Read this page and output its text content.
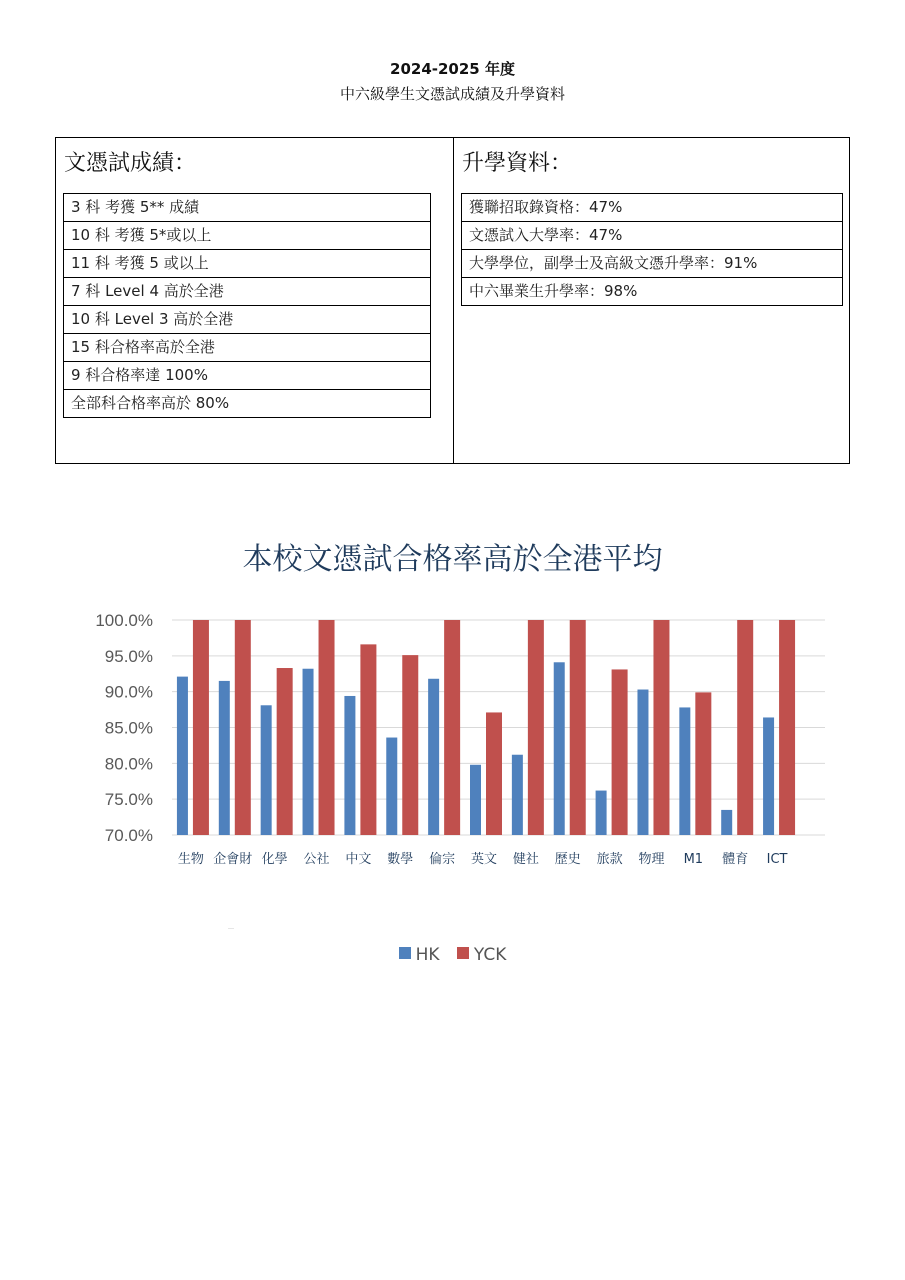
2024-2025 年度
中六級學生文憑試成績及升學資料
文憑試成績：
3 科 考獲 5** 成績
10 科 考獲 5*或以上
11 科 考獲 5 或以上
7 科 Level 4 高於全港
10 科 Level 3 高於全港
15 科合格率高於全港
9 科合格率達 100%
全部科合格率高於 80%
升學資料：
獲聯招取錄資格：47%
文憑試入大學率：47%
大學學位，副學士及高級文憑升學率：91%
中六畢業生升學率：98%
本校文憑試合格率高於全港平均
100.0%
95.0%
90.0%
85.0%
80.0%
75.0%
70.0%
生物 企會財 化學 公社 中文 數學 倫宗 英文 健社 歷史 旅款 物理 M1 體育 ICT
HK YCK
